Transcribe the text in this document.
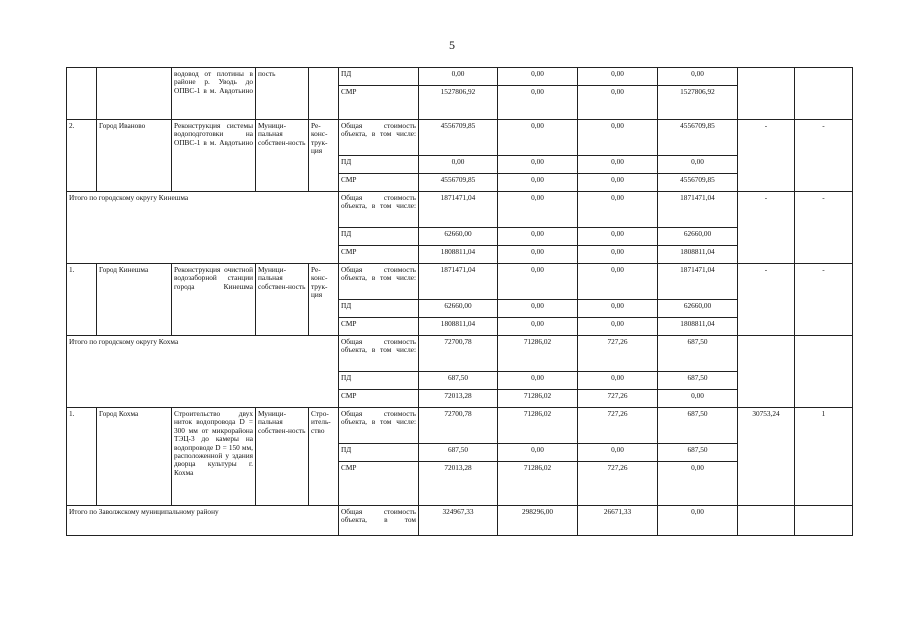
5
		водовод от плотины в районе р. Уводь до ОПВС-1 в м. Авдотьино	пость		ПД	0,00	0,00	0,00	0,00		
					СМР	1527806,92	0,00	0,00	1527806,92		
2.	Город Иваново	Реконструкция системы водоподготовки на ОПВС-1 в м. Авдотьино	Муници-пальная собствен-ность	Ре-конс-трук-ция	Общая стоимость объекта, в том числе:	4556709,85	0,00	0,00	4556709,85	-	-
					ПД	0,00	0,00	0,00	0,00		
					СМР	4556709,85	0,00	0,00	4556709,85		
Итого по городскому округу Кинешма					Общая стоимость объекта, в том числе:	1871471,04	0,00	0,00	1871471,04	-	-
					ПД	62660,00	0,00	0,00	62660,00		
					СМР	1808811,04	0,00	0,00	1808811,04		
1.	Город Кинешма	Реконструкция очистной водозаборной станции города Кинешма	Муници-пальная собствен-ность	Ре-конс-трук-ция	Общая стоимость объекта, в том числе:	1871471,04	0,00	0,00	1871471,04	-	-
					ПД	62660,00	0,00	0,00	62660,00		
					СМР	1808811,04	0,00	0,00	1808811,04		
Итого по городскому округу Кохма					Общая стоимость объекта, в том числе:	72700,78	71286,02	727,26	687,50		
					ПД	687,50	0,00	0,00	687,50		
					СМР	72013,28	71286,02	727,26	0,00		
1.	Город Кохма	Строительство двух ниток водопровода D = 300 мм от микрорайона ТЭЦ-3 до камеры на водопроводе D = 150 мм, расположенной у здания дворца культуры г. Кохма	Муници-пальная собствен-ность	Стро-итель-ство	Общая стоимость объекта, в том числе:	72700,78	71286,02	727,26	687,50	30753,24	1
					ПД	687,50	0,00	0,00	687,50		
					СМР	72013,28	71286,02	727,26	0,00		
Итого по Заволжскому муниципальному району					Общая стоимость объекта, в том	324967,33	298296,00	26671,33	0,00		
